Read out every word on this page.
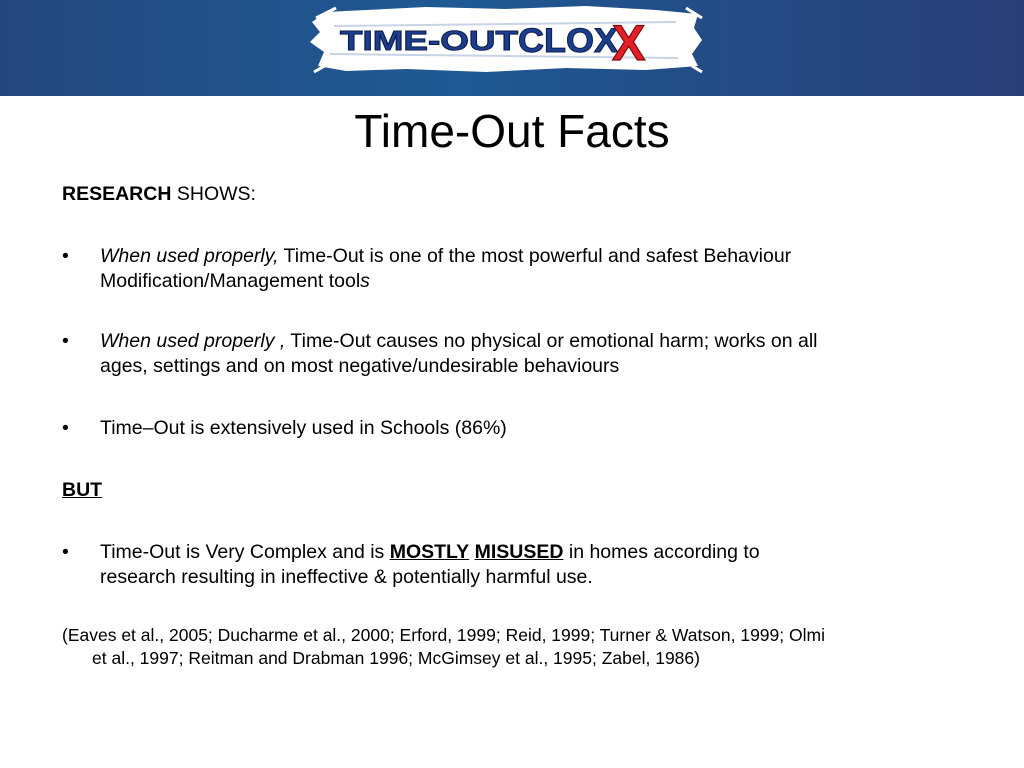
TIME-OUT CLOX
X
Time-Out Facts

RESEARCH SHOWS:

• When used properly, Time-Out is one of the most powerful and safest Behaviour
Modification/Management tools
• When used properly , Time-Out causes no physical or emotional harm; works on all
ages, settings and on most negative/undesirable behaviours
• Time–Out is extensively used in Schools (86%)

BUT

• Time-Out is Very Complex and is MOSTLY MISUSED in homes according to
research resulting in ineffective & potentially harmful use.
(Eaves et al., 2005; Ducharme et al., 2000; Erford, 1999; Reid, 1999; Turner & Watson, 1999; Olmi
et al., 1997; Reitman and Drabman 1996; McGimsey et al., 1995; Zabel, 1986)
